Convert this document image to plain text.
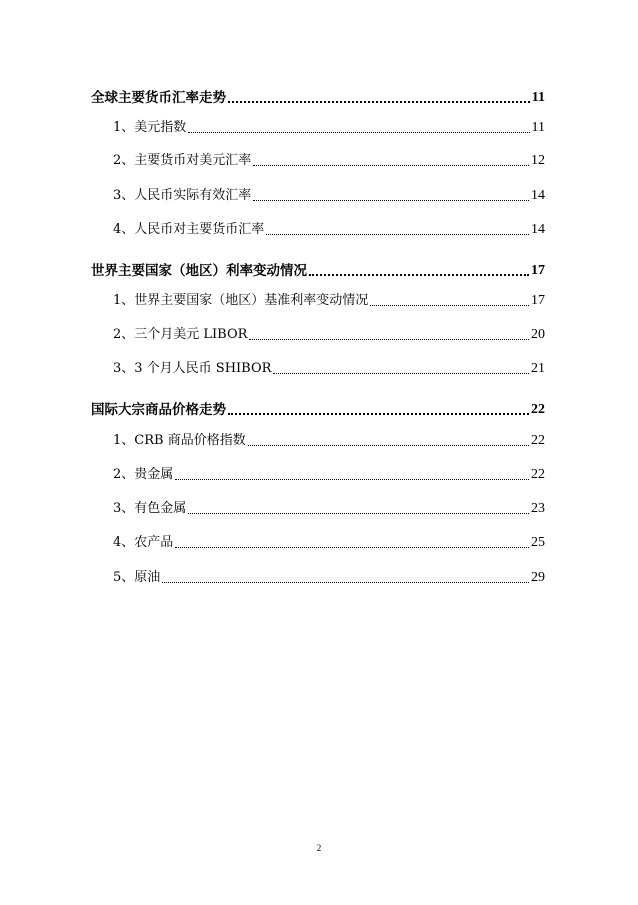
全球主要货币汇率走势	11
1、美元指数	11
2、主要货币对美元汇率	12
3、人民币实际有效汇率	14
4、人民币对主要货币汇率	14
世界主要国家（地区）利率变动情况	17
1、世界主要国家（地区）基准利率变动情况	17
2、三个月美元 LIBOR	20
3、3 个月人民币 SHIBOR	21
国际大宗商品价格走势	22
1、CRB 商品价格指数	22
2、贵金属	22
3、有色金属	23
4、农产品	25
5、原油	29
2
